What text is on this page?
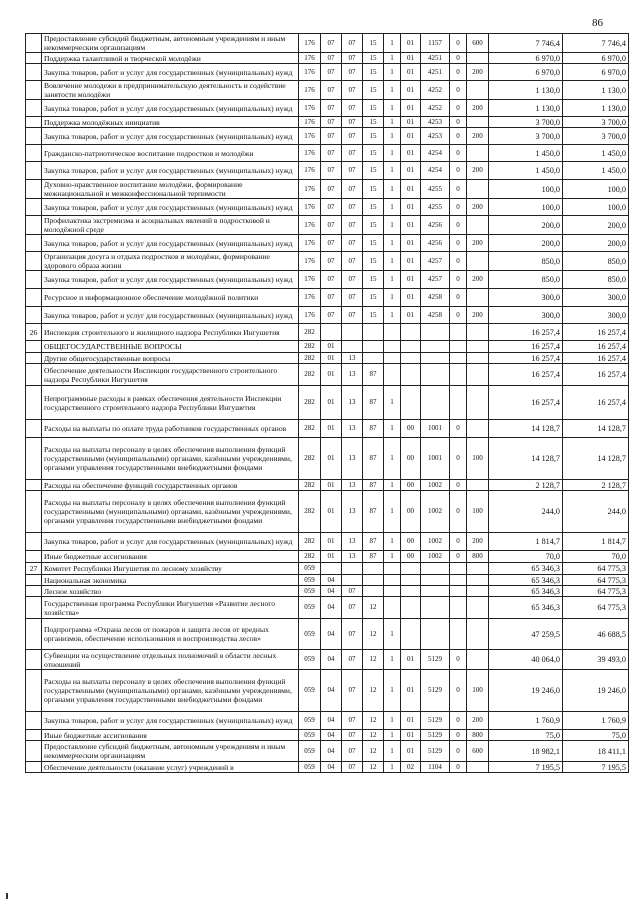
86
	Предоставление субсидий бюджетным, автономным учреждениям и иным некоммерческим организациям	176	07	07	15	1	01	1157	0	600	7 746,4	7 746,4
	Поддержка талантливой и творческой молодёжи	176	07	07	15	1	01	4251	0		6 970,0	6 970,0
	Закупка товаров, работ и услуг для государственных (муниципальных) нужд	176	07	07	15	1	01	4251	0	200	6 970,0	6 970,0
	Вовлечение молодежи в предпринимательскую деятельность и содействие занятости молодёжи	176	07	07	15	1	01	4252	0		1 130,0	1 130,0
	Закупка товаров, работ и услуг для государственных (муниципальных) нужд	176	07	07	15	1	01	4252	0	200	1 130,0	1 130,0
	Поддержка молодёжных инициатив	176	07	07	15	1	01	4253	0		3 700,0	3 700,0
	Закупка товаров, работ и услуг для государственных (муниципальных) нужд	176	07	07	15	1	01	4253	0	200	3 700,0	3 700,0
	Гражданско-патриотическое воспитание подростков и молодёжи	176	07	07	15	1	01	4254	0		1 450,0	1 450,0
	Закупка товаров, работ и услуг для государственных (муниципальных) нужд	176	07	07	15	1	01	4254	0	200	1 450,0	1 450,0
	Духовно-нравственное воспитание молодёжи, формирование межнациональной и межконфессиональной терпимости	176	07	07	15	1	01	4255	0		100,0	100,0
	Закупка товаров, работ и услуг для государственных (муниципальных) нужд	176	07	07	15	1	01	4255	0	200	100,0	100,0
	Профилактика экстремизма и асоциальных явлений в подростковой и молодёжной среде	176	07	07	15	1	01	4256	0		200,0	200,0
	Закупка товаров, работ и услуг для государственных (муниципальных) нужд	176	07	07	15	1	01	4256	0	200	200,0	200,0
	Организация досуга и отдыха подростков и молодёжи, формирование здорового образа жизни	176	07	07	15	1	01	4257	0		850,0	850,0
	Закупка товаров, работ и услуг для государственных (муниципальных) нужд	176	07	07	15	1	01	4257	0	200	850,0	850,0
	Ресурсное и информационное обеспечение молодёжной политики	176	07	07	15	1	01	4258	0		300,0	300,0
	Закупка товаров, работ и услуг для государственных (муниципальных) нужд	176	07	07	15	1	01	4258	0	200	300,0	300,0
26	Инспекция строительного и жилищного надзора Республики Ингушетия	282									16 257,4	16 257,4
	ОБЩЕГОСУДАРСТВЕННЫЕ ВОПРОСЫ	282	01								16 257,4	16 257,4
	Другие общегосударственные вопросы	282	01	13							16 257,4	16 257,4
	Обеспечение деятельности Инспекции государственного строительного надзора Республики Ингушетия	282	01	13	87						16 257,4	16 257,4
	Непрограммные расходы в рамках обеспечения деятельности Инспекции государственного строительного надзора Республики Ингушетия	282	01	13	87	1					16 257,4	16 257,4
	Расходы на выплаты по оплате труда работников государственных органов	282	01	13	87	1	00	1001	0		14 128,7	14 128,7
	Расходы на выплаты персоналу в целях обеспечения выполнения функций государственными (муниципальными) органами, казёнными учреждениями, органами управления государственными внебюджетными фондами	282	01	13	87	1	00	1001	0	100	14 128,7	14 128,7
	Расходы на обеспечение функций государственных органов	282	01	13	87	1	00	1002	0		2 128,7	2 128,7
	Расходы на выплаты персоналу в целях обеспечения выполнения функций государственными (муниципальными) органами, казёнными учреждениями, органами управления государственными внебюджетными фондами	282	01	13	87	1	00	1002	0	100	244,0	244,0
	Закупка товаров, работ и услуг для государственных (муниципальных) нужд	282	01	13	87	1	00	1002	0	200	1 814,7	1 814,7
	Иные бюджетные ассигнования	282	01	13	87	1	00	1002	0	800	70,0	70,0
27	Комитет Республики Ингушетия по лесному хозяйству	059									65 346,3	64 775,3
	Национальная экономика	059	04								65 346,3	64 775,3
	Лесное хозяйство	059	04	07							65 346,3	64 775,3
	Государственная программа Республики Ингушетия «Развитие лесного хозяйства»	059	04	07	12						65 346,3	64 775,3
	Подпрограмма «Охрана лесов от пожаров и защита лесов от вредных организмов, обеспечение использования и воспроизводства лесов»	059	04	07	12	1					47 259,5	46 688,5
	Субвенции на осуществление отдельных полномочий в области лесных отношений	059	04	07	12	1	01	5129	0		40 064,0	39 493,0
	Расходы на выплаты персоналу в целях обеспечения выполнения функций государственными (муниципальными) органами, казёнными учреждениями, органами управления государственными внебюджетными фондами	059	04	07	12	1	01	5129	0	100	19 246,0	19 246,0
	Закупка товаров, работ и услуг для государственных (муниципальных) нужд	059	04	07	12	1	01	5129	0	200	1 760,9	1 760,9
	Иные бюджетные ассигнования	059	04	07	12	1	01	5129	0	800	75,0	75,0
	Предоставление субсидий бюджетным, автономным учреждениям и иным некоммерческим организациям	059	04	07	12	1	01	5129	0	600	18 982,1	18 411,1
	Обеспечение деятельности (оказание услуг) учреждений в	059	04	07	12	1	02	1104	0		7 195,5	7 195,5
